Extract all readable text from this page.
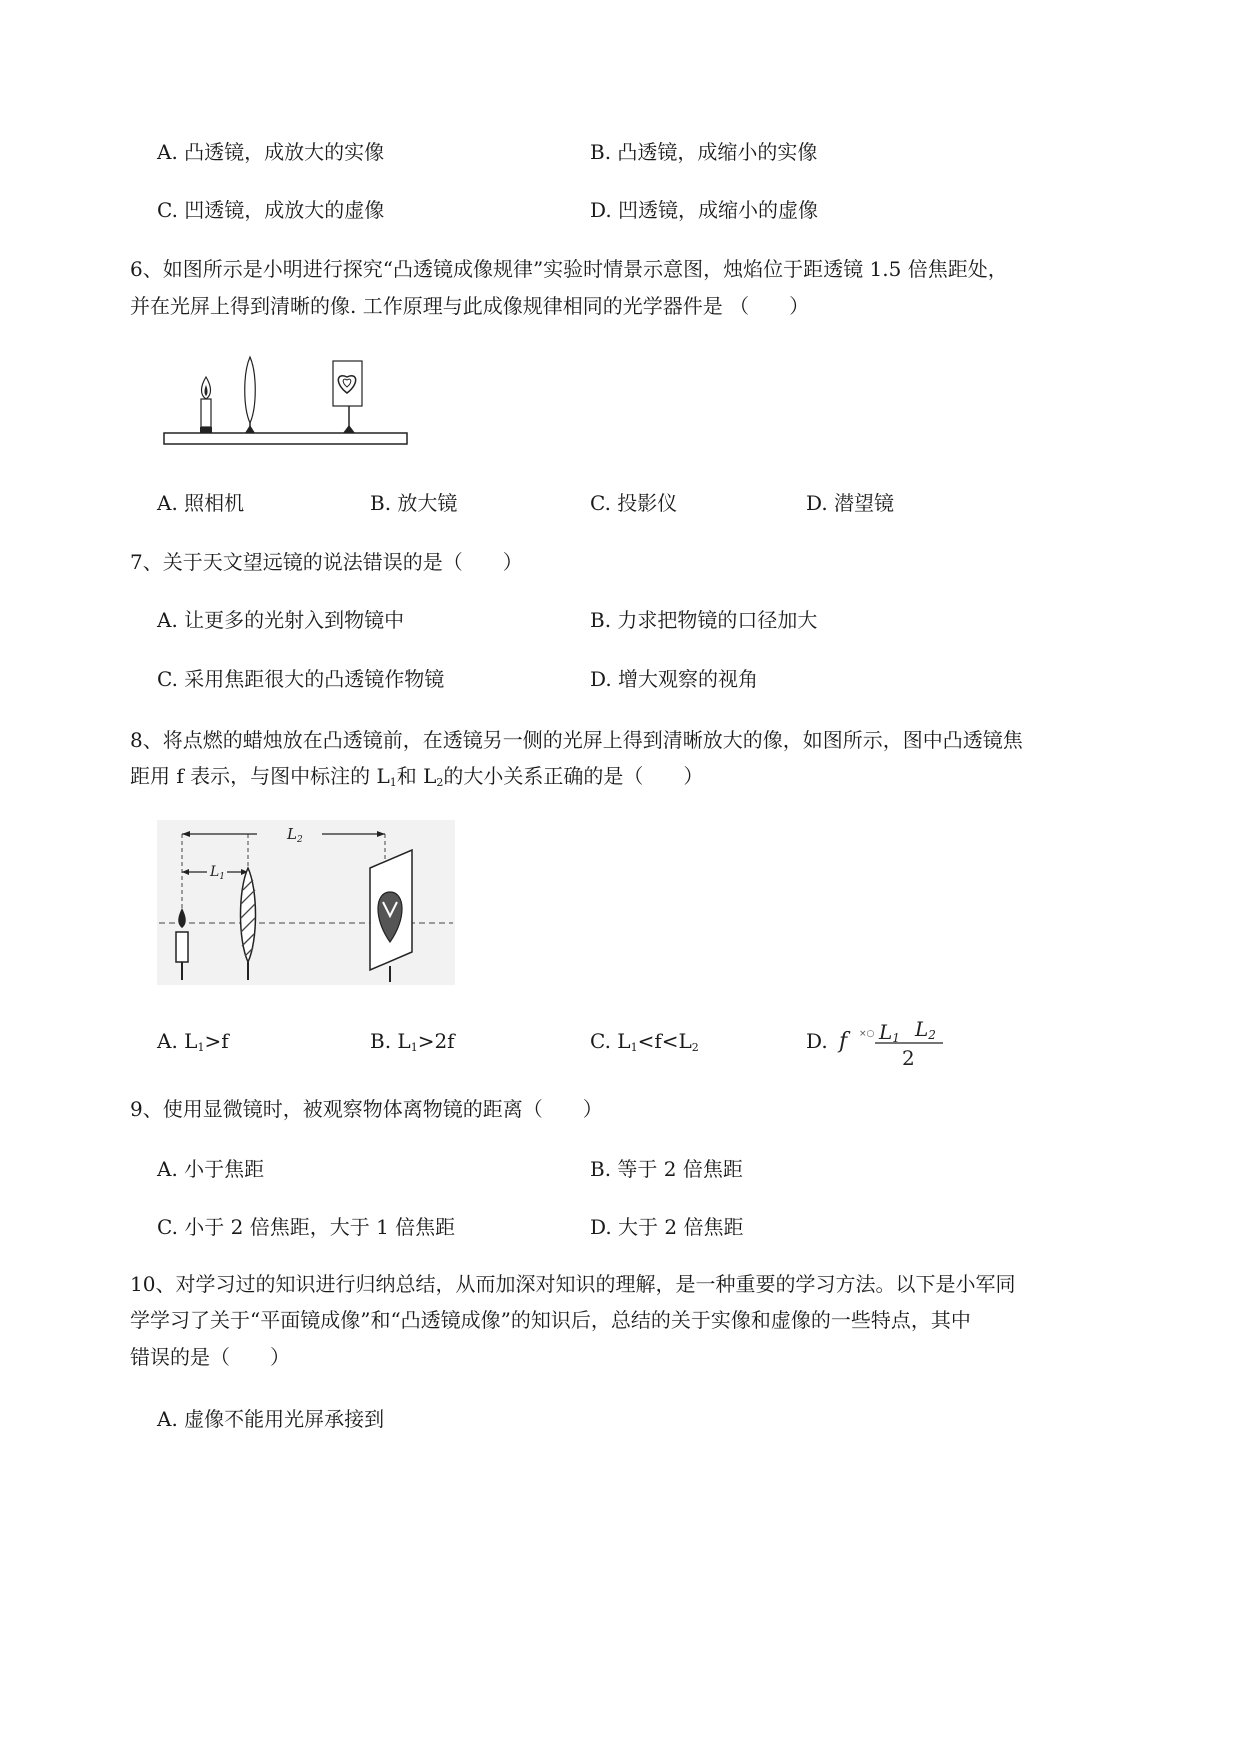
A. 凸透镜，成放大的实像	B. 凸透镜，成缩小的实像
C. 凹透镜，成放大的虚像	D. 凹透镜，成缩小的虚像
6、如图所示是小明进行探究“凸透镜成像规律”实验时情景示意图，烛焰位于距透镜 1.5 倍焦距处，
并在光屏上得到清晰的像. 工作原理与此成像规律相同的光学器件是 （　　）
A. 照相机	B. 放大镜	C. 投影仪	D. 潜望镜
7、关于天文望远镜的说法错误的是（　　）
A. 让更多的光射入到物镜中	B. 力求把物镜的口径加大
C. 采用焦距很大的凸透镜作物镜	D. 增大观察的视角
8、将点燃的蜡烛放在凸透镜前，在透镜另一侧的光屏上得到清晰放大的像，如图所示，图中凸透镜焦
距用 f 表示，与图中标注的 $L_1$和 $L_2$的大小关系正确的是（　　）
$L_2$
$L_1$
A. $L_1>f$	B. $L_1>2f$	C. $L_1<f<L_2$	D. f	×○ L1 L2
2
9、使用显微镜时，被观察物体离物镜的距离（　　）
A. 小于焦距	B. 等于 2 倍焦距
C. 小于 2 倍焦距，大于 1 倍焦距	D. 大于 2 倍焦距
10、对学习过的知识进行归纳总结，从而加深对知识的理解，是一种重要的学习方法。以下是小军同
学学习了关于“平面镜成像”和“凸透镜成像”的知识后，总结的关于实像和虚像的一些特点，其中
错误的是（　　）
A. 虚像不能用光屏承接到
